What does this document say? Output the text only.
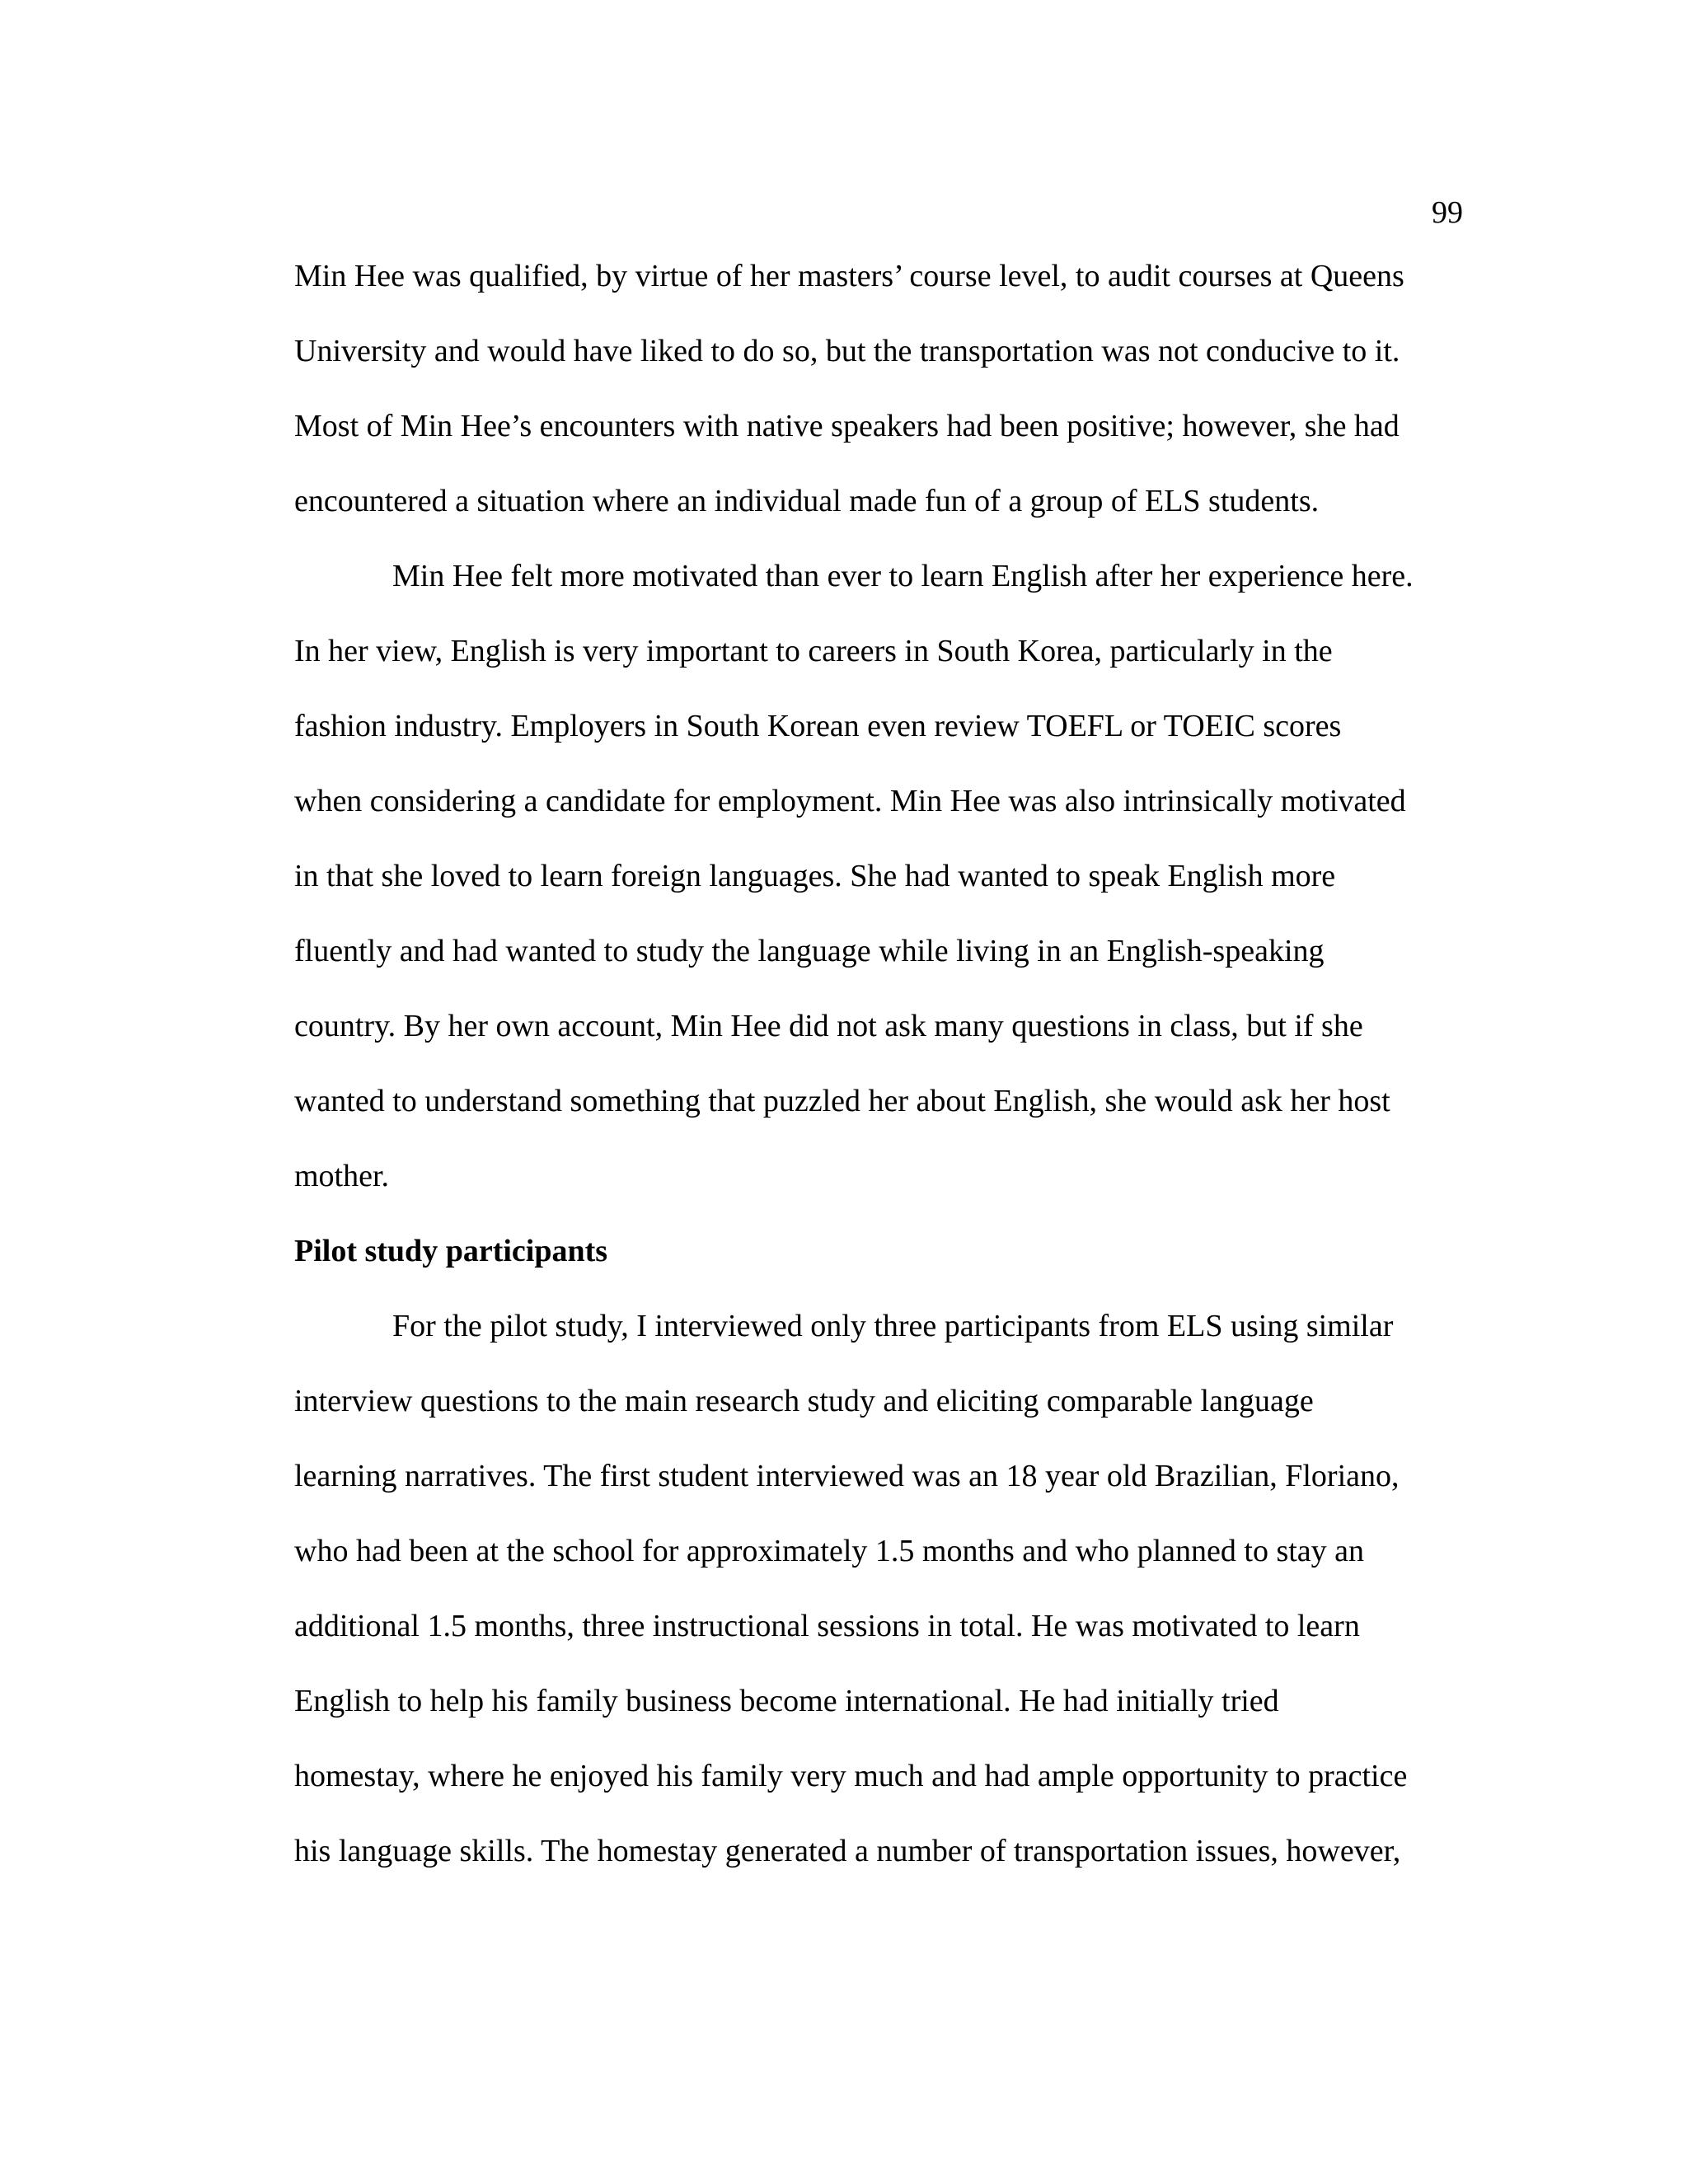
99
Min Hee was qualified, by virtue of her masters’ course level, to audit courses at Queens
University and would have liked to do so, but the transportation was not conducive to it.
Most of Min Hee’s encounters with native speakers had been positive; however, she had
encountered a situation where an individual made fun of a group of ELS students.
Min Hee felt more motivated than ever to learn English after her experience here.
In her view, English is very important to careers in South Korea, particularly in the
fashion industry. Employers in South Korean even review TOEFL or TOEIC scores
when considering a candidate for employment. Min Hee was also intrinsically motivated
in that she loved to learn foreign languages. She had wanted to speak English more
fluently and had wanted to study the language while living in an English-speaking
country. By her own account, Min Hee did not ask many questions in class, but if she
wanted to understand something that puzzled her about English, she would ask her host
mother.
Pilot study participants
For the pilot study, I interviewed only three participants from ELS using similar
interview questions to the main research study and eliciting comparable language
learning narratives. The first student interviewed was an 18 year old Brazilian, Floriano,
who had been at the school for approximately 1.5 months and who planned to stay an
additional 1.5 months, three instructional sessions in total. He was motivated to learn
English to help his family business become international. He had initially tried
homestay, where he enjoyed his family very much and had ample opportunity to practice
his language skills. The homestay generated a number of transportation issues, however,
